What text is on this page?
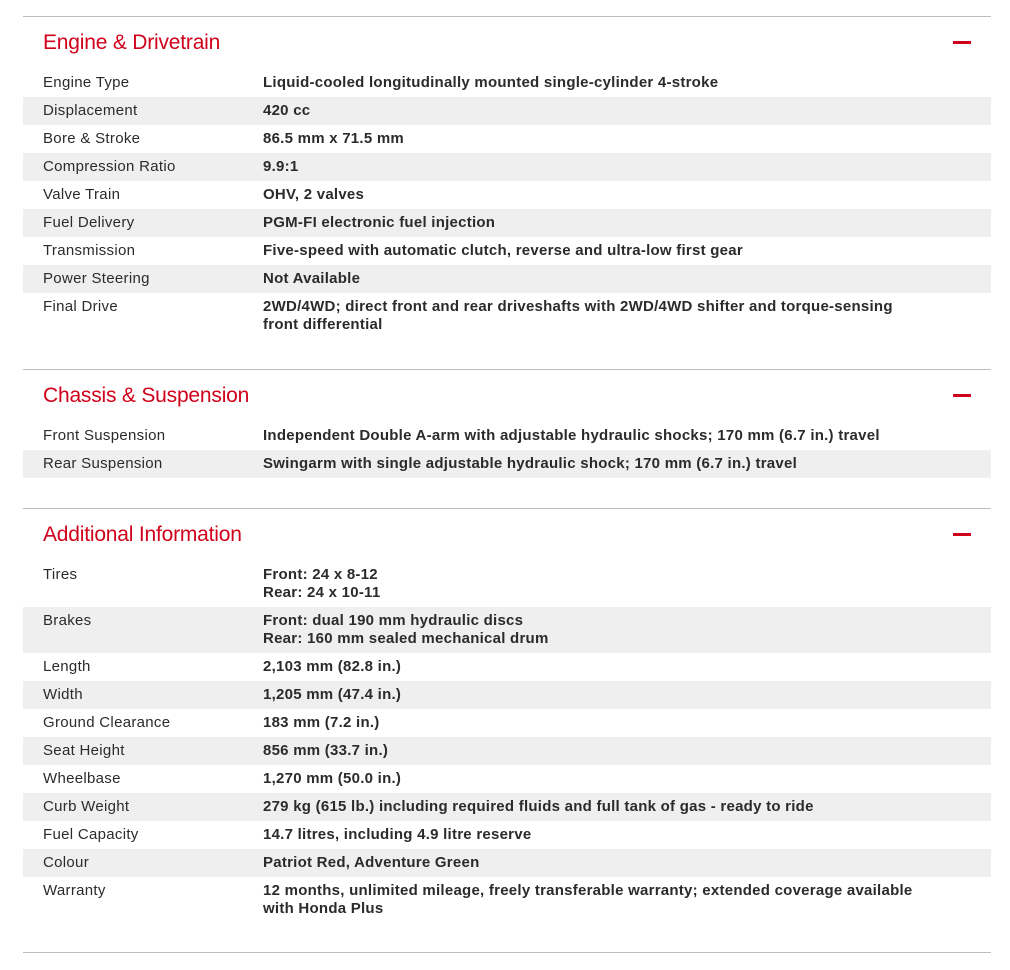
Engine & Drivetrain
Engine Type	Liquid-cooled longitudinally mounted single-cylinder 4-stroke
Displacement	420 cc
Bore & Stroke	86.5 mm x 71.5 mm
Compression Ratio	9.9:1
Valve Train	OHV, 2 valves
Fuel Delivery	PGM-FI electronic fuel injection
Transmission	Five-speed with automatic clutch, reverse and ultra-low first gear
Power Steering	Not Available
Final Drive	2WD/4WD; direct front and rear driveshafts with 2WD/4WD shifter and torque-sensing
front differential
Chassis & Suspension
Front Suspension	Independent Double A-arm with adjustable hydraulic shocks; 170 mm (6.7 in.) travel
Rear Suspension	Swingarm with single adjustable hydraulic shock; 170 mm (6.7 in.) travel
Additional Information
Tires	Front: 24 x 8-12
Rear: 24 x 10-11
Brakes	Front: dual 190 mm hydraulic discs
Rear: 160 mm sealed mechanical drum
Length	2,103 mm (82.8 in.)
Width	1,205 mm (47.4 in.)
Ground Clearance	183 mm (7.2 in.)
Seat Height	856 mm (33.7 in.)
Wheelbase	1,270 mm (50.0 in.)
Curb Weight	279 kg (615 lb.) including required fluids and full tank of gas - ready to ride
Fuel Capacity	14.7 litres, including 4.9 litre reserve
Colour	Patriot Red, Adventure Green
Warranty	12 months, unlimited mileage, freely transferable warranty; extended coverage available
with Honda Plus
